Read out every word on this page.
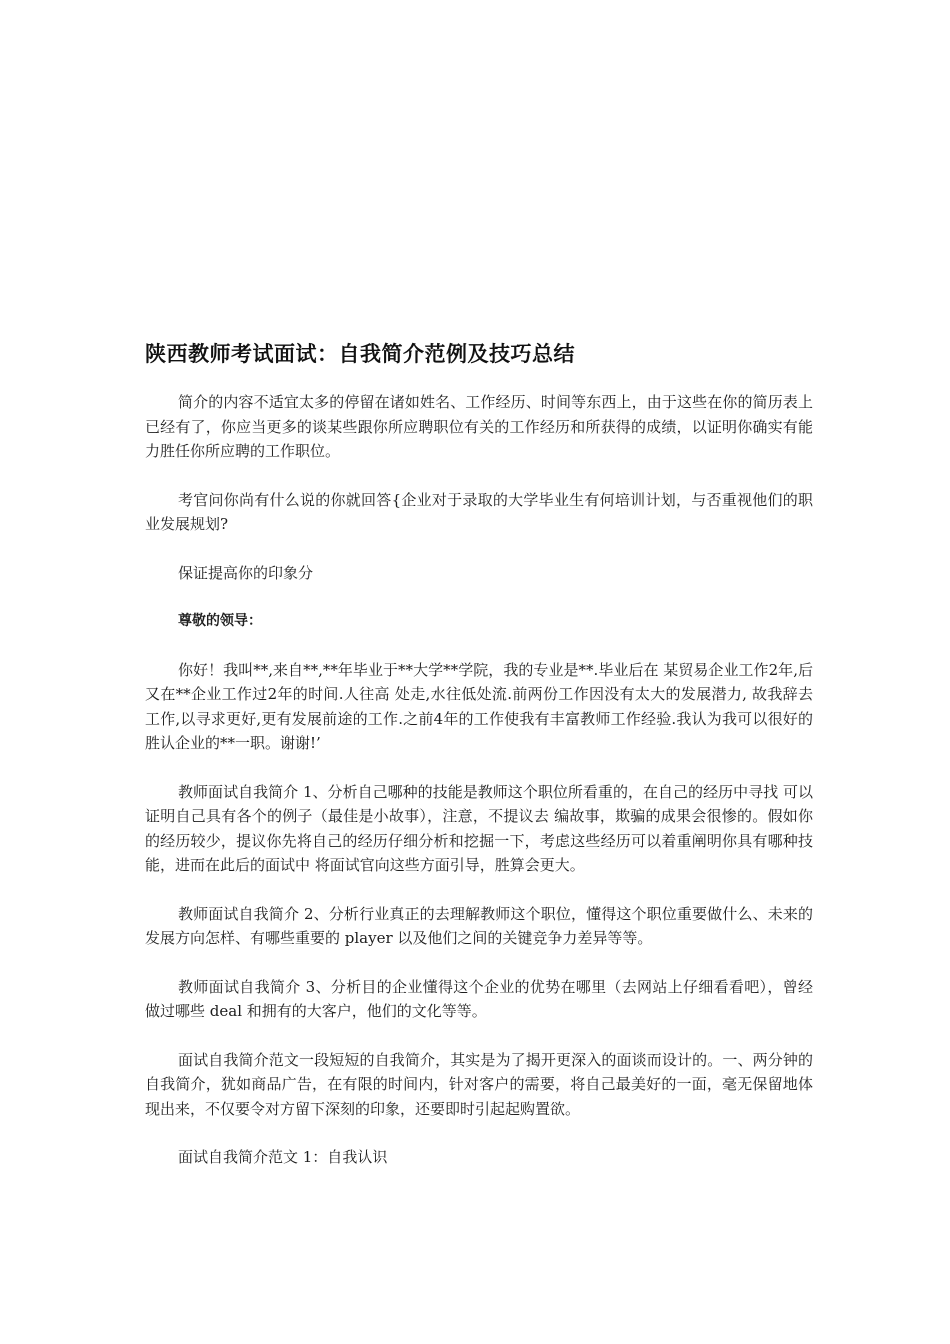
陕西教师考试面试：自我简介范例及技巧总结

简介的内容不适宜太多的停留在诸如姓名、工作经历、时间等东西上，由于这些在你的简历表上已经有了，你应当更多的谈某些跟你所应聘职位有关的工作经历和所获得的成绩，以证明你确实有能力胜任你所应聘的工作职位。

考官问你尚有什么说的你就回答{企业对于录取的大学毕业生有何培训计划，与否重视他们的职业发展规划?

保证提高你的印象分

尊敬的领导：

你好！我叫**,来自**,**年毕业于**大学**学院，我的专业是**.毕业后在 某贸易企业工作2年,后又在**企业工作过2年的时间.人往高 处走,水往低处流.前两份工作因没有太大的发展潜力, 故我辞去工作,以寻求更好,更有发展前途的工作.之前4年的工作使我有丰富教师工作经验.我认为我可以很好的胜认企业的**一职。谢谢!’

教师面试自我简介 1、分析自己哪种的技能是教师这个职位所看重的，在自己的经历中寻找 可以证明自己具有各个的例子（最佳是小故事），注意，不提议去 编故事，欺骗的成果会很惨的。假如你的经历较少，提议你先将自己的经历仔细分析和挖掘一下，考虑这些经历可以着重阐明你具有哪种技能，进而在此后的面试中 将面试官向这些方面引导，胜算会更大。

教师面试自我简介 2、分析行业真正的去理解教师这个职位，懂得这个职位重要做什么、未来的发展方向怎样、有哪些重要的 player 以及他们之间的关键竞争力差异等等。

教师面试自我简介 3、分析目的企业懂得这个企业的优势在哪里（去网站上仔细看看吧），曾经做过哪些 deal 和拥有的大客户，他们的文化等等。

面试自我简介范文一段短短的自我简介，其实是为了揭开更深入的面谈而设计的。一、两分钟的自我简介，犹如商品广告，在有限的时间内，针对客户的需要，将自己最美好的一面，毫无保留地体现出来，不仅要令对方留下深刻的印象，还要即时引起起购置欲。

面试自我简介范文 1：自我认识
